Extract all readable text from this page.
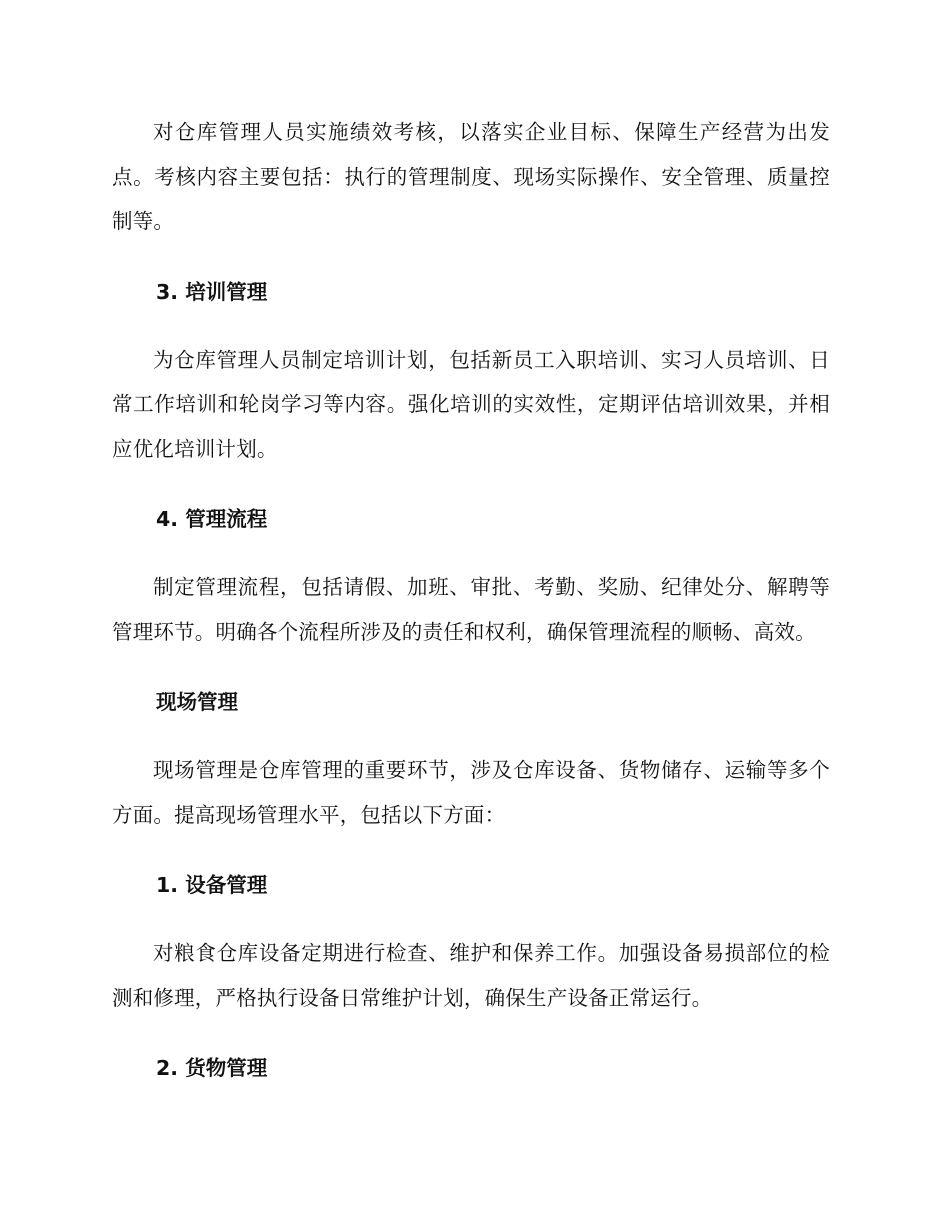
对仓库管理人员实施绩效考核，以落实企业目标、保障生产经营为出发点。考核内容主要包括：执行的管理制度、现场实际操作、安全管理、质量控制等。

3. 培训管理

为仓库管理人员制定培训计划，包括新员工入职培训、实习人员培训、日常工作培训和轮岗学习等内容。强化培训的实效性，定期评估培训效果，并相应优化培训计划。

4. 管理流程

制定管理流程，包括请假、加班、审批、考勤、奖励、纪律处分、解聘等管理环节。明确各个流程所涉及的责任和权利，确保管理流程的顺畅、高效。

现场管理

现场管理是仓库管理的重要环节，涉及仓库设备、货物储存、运输等多个方面。提高现场管理水平，包括以下方面：

1. 设备管理

对粮食仓库设备定期进行检查、维护和保养工作。加强设备易损部位的检测和修理，严格执行设备日常维护计划，确保生产设备正常运行。

2. 货物管理
